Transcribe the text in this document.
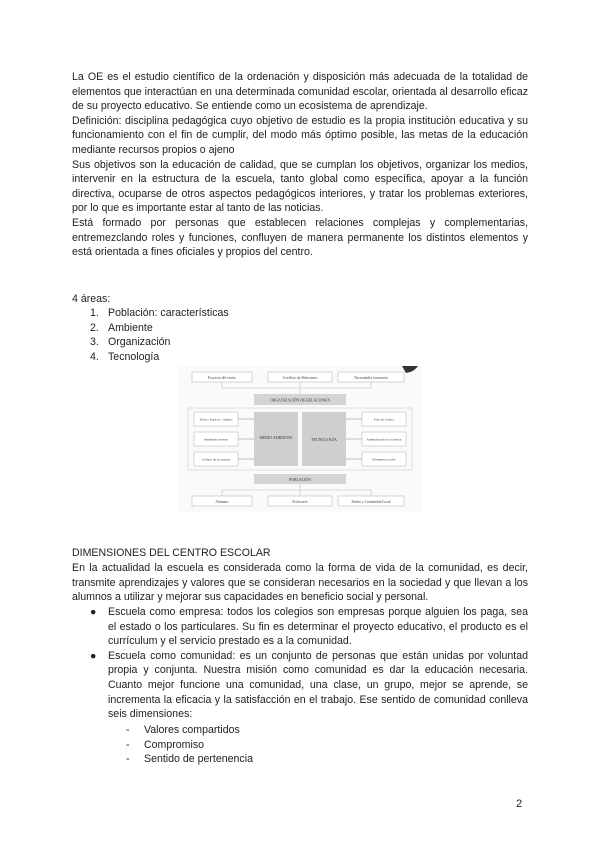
La OE es el estudio científico de la ordenación y disposición más adecuada de la totalidad de elementos que interactúan en una determinada comunidad escolar, orientada al desarrollo eficaz de su proyecto educativo. Se entiende como un ecosistema de aprendizaje.

Definición: disciplina pedagógica cuyo objetivo de estudio es la propia institución educativa y su funcionamiento con el fin de cumplir, del modo más óptimo posible, las metas de la educación mediante recursos propios o ajeno

Sus objetivos son la educación de calidad, que se cumplan los objetivos, organizar los medios, intervenir en la estructura de la escuela, tanto global como específica, apoyar a la función directiva, ocuparse de otros aspectos pedagógicos interiores, y tratar los problemas exteriores, por lo que es importante estar al tanto de las noticias.

Está formado por personas que establecen relaciones complejas y complementarias, entremezclando roles y funciones, confluyen de manera permanente los distintos elementos y está orientada a fines oficiales y propios del centro.

4 áreas:
1. Población: características
2. Ambiente
3. Organización
4. Tecnología
Proyecto del centro	Conflicto de Relaciones	Necesidades formación
ORGANIZACIÓN DE RELACIONES
Físico: Espacio / tiempo
Ambiente externo
Cultura de la escuela
MEDIO AMBIENTE	TECNOLOGÍA
Plan de Centro
Administración y Gestión
Elementos reales
POBLACIÓN
Alumnos	Profesores	Padres y Comunidad Local
DIMENSIONES DEL CENTRO ESCOLAR
En la actualidad la escuela es considerada como la forma de vida de la comunidad, es decir, transmite aprendizajes y valores que se consideran necesarios en la sociedad y que llevan a los alumnos a utilizar y mejorar sus capacidades en beneficio social y personal.
● Escuela como empresa: todos los colegios son empresas porque alguien los paga, sea el estado o los particulares. Su fin es determinar el proyecto educativo, el producto es el currículum y el servicio prestado es a la comunidad.
● Escuela como comunidad: es un conjunto de personas que están unidas por voluntad propia y conjunta. Nuestra misión como comunidad es dar la educación necesaria. Cuanto mejor funcione una comunidad, una clase, un grupo, mejor se aprende, se incrementa la eficacia y la satisfacción en el trabajo. Ese sentido de comunidad conlleva seis dimensiones:
- Valores compartidos
- Compromiso
- Sentido de pertenencia
2
